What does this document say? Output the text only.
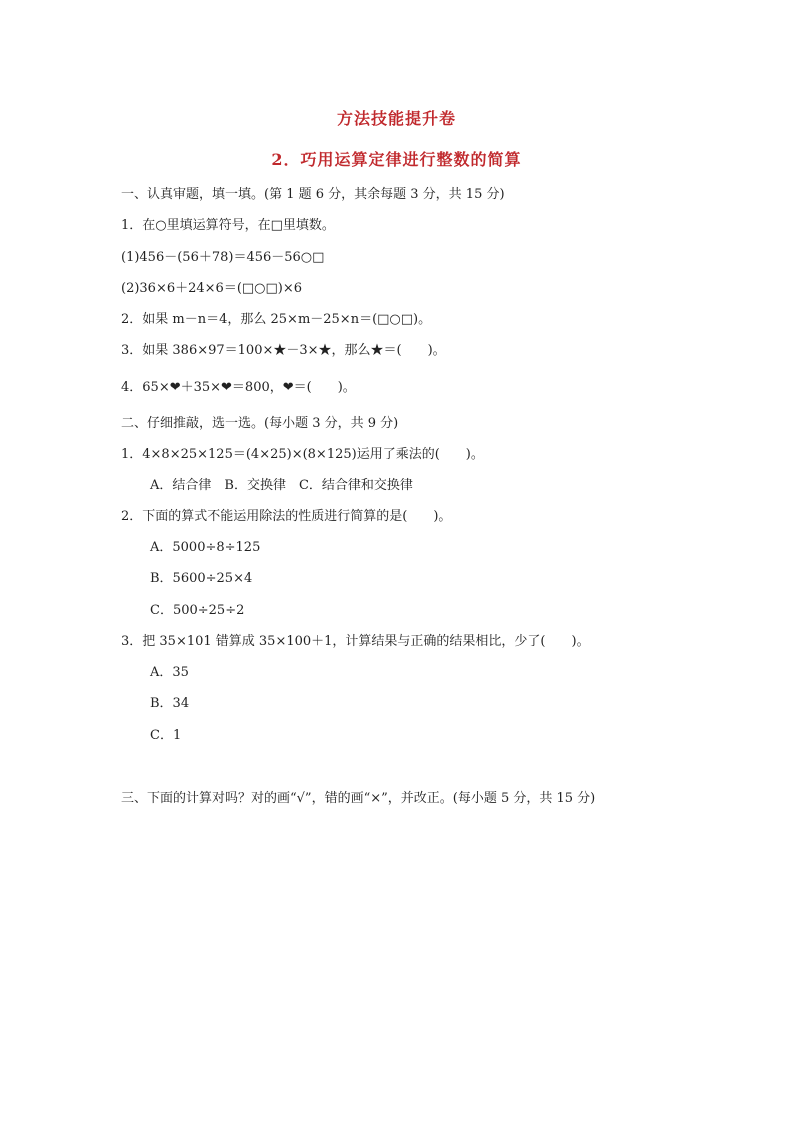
方法技能提升卷
2．巧用运算定律进行整数的简算
一、认真审题，填一填。(第 1 题 6 分，其余每题 3 分，共 15 分)
1．在○里填运算符号，在□里填数。
(1)456－(56＋78)＝456－56○□
(2)36×6＋24×6＝(□○□)×6
2．如果 m－n＝4，那么 25×m－25×n＝(□○□)。
3．如果 386×97＝100×★－3×★，那么★＝(　　)。
4．65×❤＋35×❤＝800，❤＝(　　)。
二、仔细推敲，选一选。(每小题 3 分，共 9 分)
1．4×8×25×125＝(4×25)×(8×125)运用了乘法的(　　)。
A．结合律　B．交换律　C．结合律和交换律
2．下面的算式不能运用除法的性质进行简算的是(　　)。
A．5000÷8÷125
B．5600÷25×4
C．500÷25÷2
3．把 35×101 错算成 35×100＋1，计算结果与正确的结果相比，少了(　　)。
A．35
B．34
C．1
三、下面的计算对吗？对的画“√”，错的画“×”，并改正。(每小题 5 分，共 15 分)
